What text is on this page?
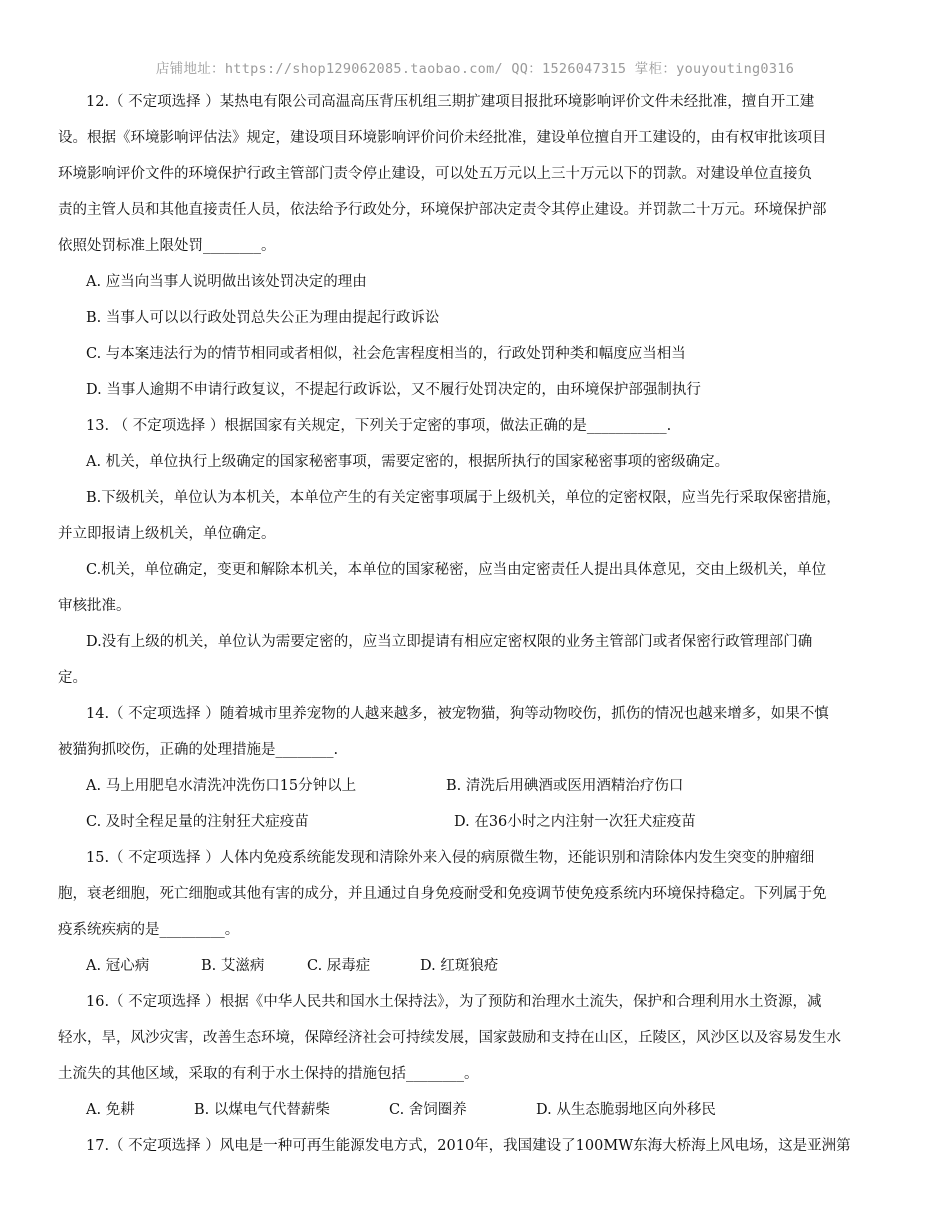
店铺地址：https://shop129062085.taobao.com/ QQ：1526047315 掌柜：youyouting0316
12.（ 不定项选择 ）某热电有限公司高温高压背压机组三期扩建项目报批环境影响评价文件未经批准，擅自开工建
设。根据《环境影响评估法》规定，建设项目环境影响评价问价未经批准，建设单位擅自开工建设的，由有权审批该项目
环境影响评价文件的环境保护行政主管部门责令停止建设，可以处五万元以上三十万元以下的罚款。对建设单位直接负
责的主管人员和其他直接责任人员，依法给予行政处分，环境保护部决定责令其停止建设。并罚款二十万元。环境保护部
依照处罚标准上限处罚________。
A. 应当向当事人说明做出该处罚决定的理由
B. 当事人可以以行政处罚总失公正为理由提起行政诉讼
C. 与本案违法行为的情节相同或者相似，社会危害程度相当的，行政处罚种类和幅度应当相当
D. 当事人逾期不申请行政复议，不提起行政诉讼，又不履行处罚决定的，由环境保护部强制执行
13. （ 不定项选择 ）根据国家有关规定，下列关于定密的事项，做法正确的是___________.
A. 机关，单位执行上级确定的国家秘密事项，需要定密的，根据所执行的国家秘密事项的密级确定。
B.下级机关，单位认为本机关，本单位产生的有关定密事项属于上级机关，单位的定密权限，应当先行采取保密措施，
并立即报请上级机关，单位确定。
C.机关，单位确定，变更和解除本机关，本单位的国家秘密，应当由定密责任人提出具体意见，交由上级机关，单位
审核批准。
D.没有上级的机关，单位认为需要定密的，应当立即提请有相应定密权限的业务主管部门或者保密行政管理部门确
定。
14.（ 不定项选择 ）随着城市里养宠物的人越来越多，被宠物猫，狗等动物咬伤，抓伤的情况也越来增多，如果不慎
被猫狗抓咬伤，正确的处理措施是________.
A. 马上用肥皂水清洗冲洗伤口15分钟以上	B. 清洗后用碘酒或医用酒精治疗伤口
C. 及时全程足量的注射狂犬症疫苗	D. 在36小时之内注射一次狂犬症疫苗
15.（ 不定项选择 ）人体内免疫系统能发现和清除外来入侵的病原微生物，还能识别和清除体内发生突变的肿瘤细
胞，衰老细胞，死亡细胞或其他有害的成分，并且通过自身免疫耐受和免疫调节使免疫系统内环境保持稳定。下列属于免
疫系统疾病的是_________。
A. 冠心病	B. 艾滋病	C. 尿毒症	D. 红斑狼疮
16.（ 不定项选择 ）根据《中华人民共和国水土保持法》，为了预防和治理水土流失，保护和合理利用水土资源，减
轻水，旱，风沙灾害，改善生态环境，保障经济社会可持续发展，国家鼓励和支持在山区，丘陵区，风沙区以及容易发生水
土流失的其他区域，采取的有利于水土保持的措施包括________。
A. 免耕	B. 以煤电气代替薪柴	C. 舍饲圈养	D. 从生态脆弱地区向外移民
17.（ 不定项选择 ）风电是一种可再生能源发电方式，2010年，我国建设了100MW东海大桥海上风电场，这是亚洲第
